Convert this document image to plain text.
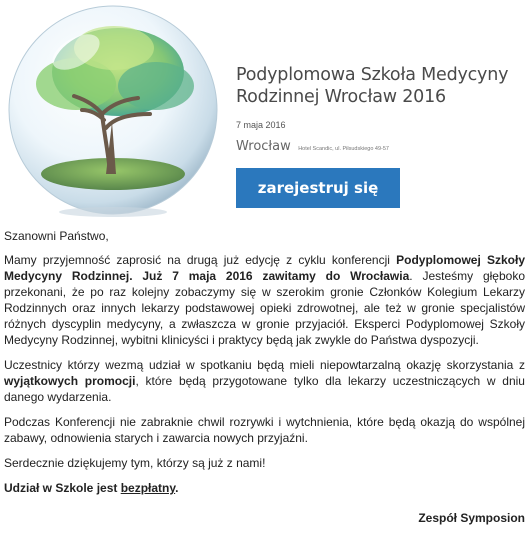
Podyplomowa Szkoła Medycyny Rodzinnej Wrocław 2016
7 maja 2016
Wrocław Hotel Scandic, ul. Piłsudskiego 49-57
zarejestruj się

Szanowni Państwo,

Mamy przyjemność zaprosić na drugą już edycję z cyklu konferencji Podyplomowej Szkoły Medycyny Rodzinnej. Już 7 maja 2016 zawitamy do Wrocławia. Jesteśmy głęboko przekonani, że po raz kolejny zobaczymy się w szerokim gronie Członków Kolegium Lekarzy Rodzinnych oraz innych lekarzy podstawowej opieki zdrowotnej, ale też w gronie specjalistów różnych dyscyplin medycyny, a zwłaszcza w gronie przyjaciół. Eksperci Podyplomowej Szkoły Medycyny Rodzinnej, wybitni klinicyści i praktycy będą jak zwykle do Państwa dyspozycji.

Uczestnicy którzy wezmą udział w spotkaniu będą mieli niepowtarzalną okazję skorzystania z wyjątkowych promocji, które będą przygotowane tylko dla lekarzy uczestniczących w dniu danego wydarzenia.

Podczas Konferencji nie zabraknie chwil rozrywki i wytchnienia, które będą okazją do wspólnej zabawy, odnowienia starych i zawarcia nowych przyjaźni.

Serdecznie dziękujemy tym, którzy są już z nami!

Udział w Szkole jest bezpłatny.

Zespół Symposion
